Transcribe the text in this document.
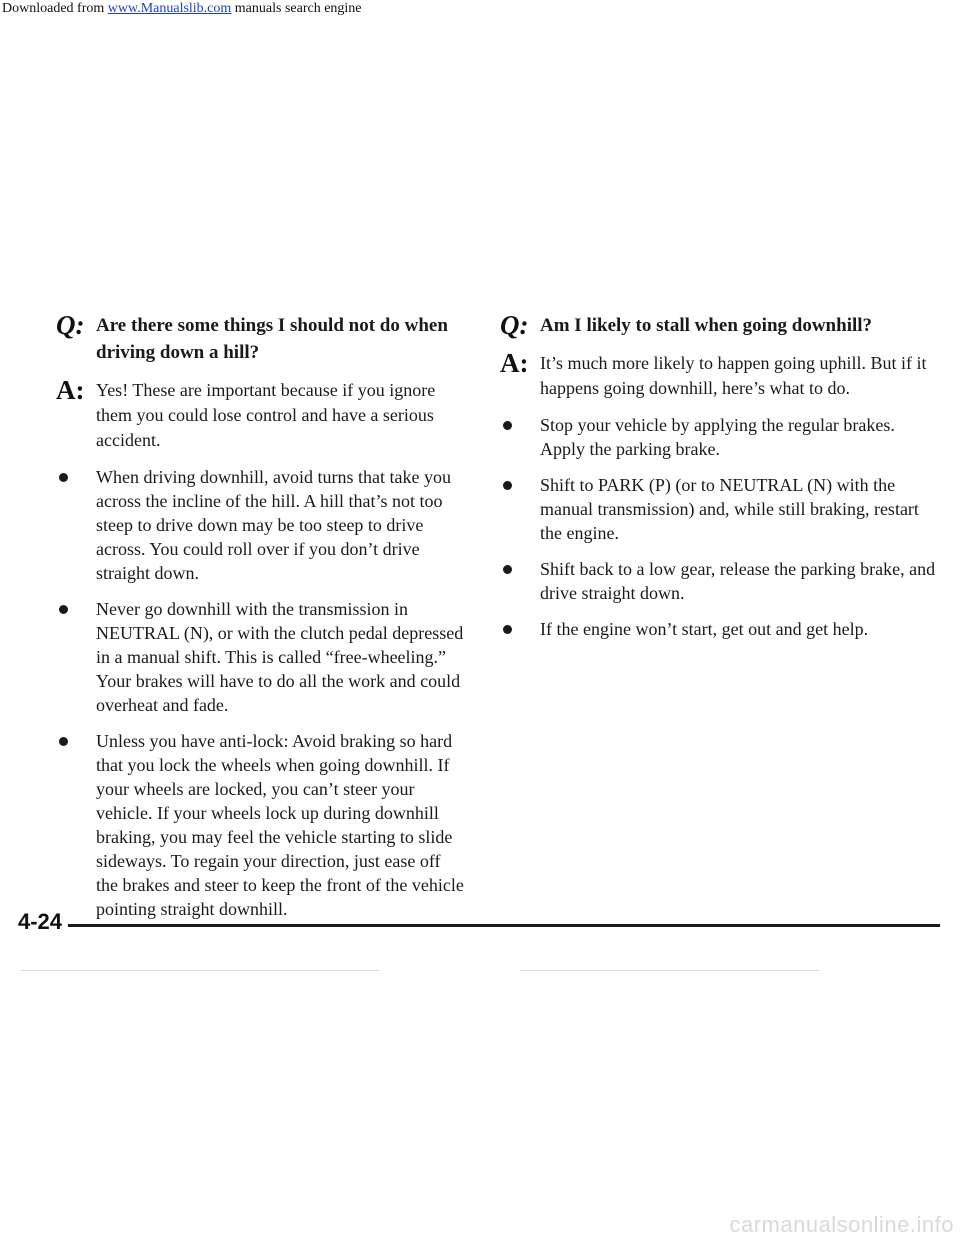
Downloaded from www.Manualslib.com manuals search engine
Q: Are there some things I should not do when driving down a hill?
A: Yes! These are important because if you ignore them you could lose control and have a serious accident.
When driving downhill, avoid turns that take you across the incline of the hill. A hill that’s not too steep to drive down may be too steep to drive across. You could roll over if you don’t drive straight down.
Never go downhill with the transmission in NEUTRAL (N), or with the clutch pedal depressed in a manual shift. This is called “free-wheeling.” Your brakes will have to do all the work and could overheat and fade.
Unless you have anti-lock: Avoid braking so hard that you lock the wheels when going downhill. If your wheels are locked, you can’t steer your vehicle. If your wheels lock up during downhill braking, you may feel the vehicle starting to slide sideways. To regain your direction, just ease off the brakes and steer to keep the front of the vehicle pointing straight downhill.
Q: Am I likely to stall when going downhill?
A: It’s much more likely to happen going uphill. But if it happens going downhill, here’s what to do.
Stop your vehicle by applying the regular brakes. Apply the parking brake.
Shift to PARK (P) (or to NEUTRAL (N) with the manual transmission) and, while still braking, restart the engine.
Shift back to a low gear, release the parking brake, and drive straight down.
If the engine won’t start, get out and get help.
4-24
carmanualsonline.info
